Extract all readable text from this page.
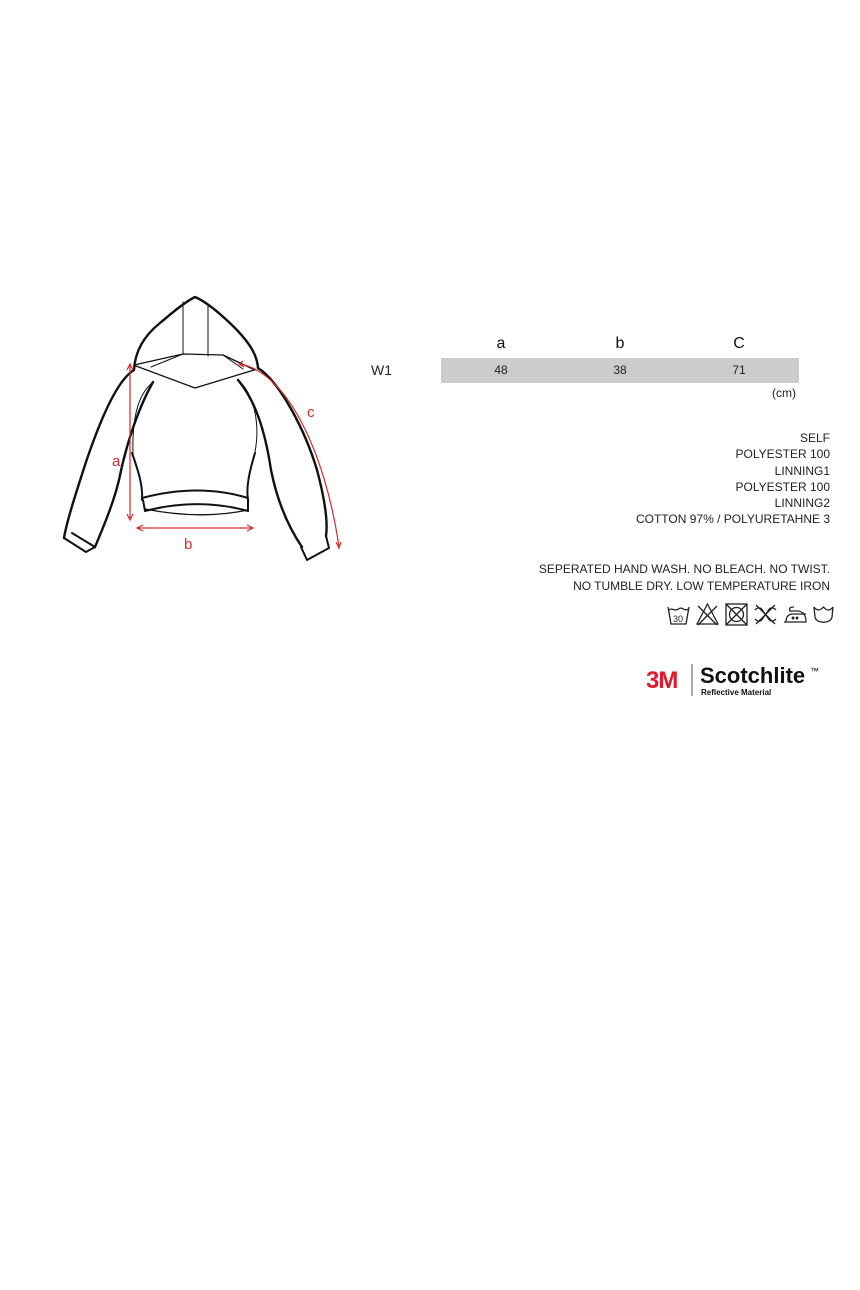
a
b
c
a	b	C
W1	48	38	71
(cm)
SELF
POLYESTER 100
LINNING1
POLYESTER 100
LINNING2
COTTON 97% / POLYURETAHNE 3
SEPERATED HAND WASH. NO BLEACH. NO TWIST.
NO TUMBLE DRY. LOW TEMPERATURE IRON
30
3M Scotchlite ™
Reflective Material
